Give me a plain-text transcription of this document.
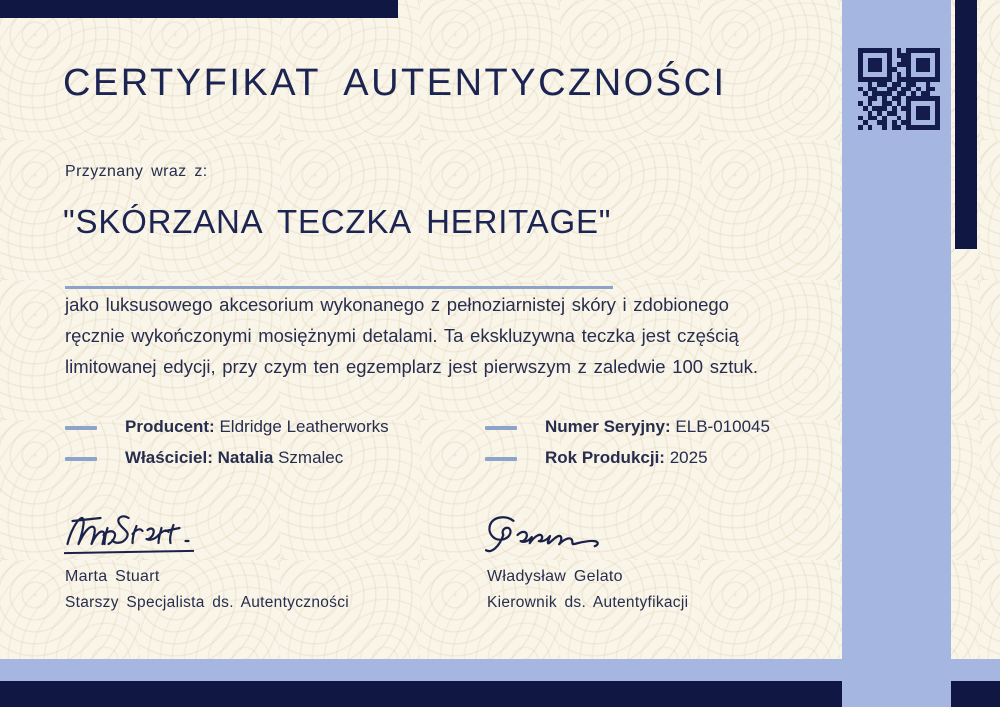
CERTYFIKAT AUTENTYCZNOŚCI
Przyznany wraz z:
"SKÓRZANA TECZKA HERITAGE"

jako luksusowego akcesorium wykonanego z pełnoziarnistej skóry i zdobionego ręcznie wykończonymi mosiężnymi detalami. Ta ekskluzywna teczka jest częścią limitowanej edycji, przy czym ten egzemplarz jest pierwszym z zaledwie 100 sztuk.

Producent: Eldridge Leatherworks
Właściciel: Natalia Szmalec
Numer Seryjny: ELB-010045
Rok Produkcji: 2025
Marta Stuart
Starszy Specjalista ds. Autentyczności
Władysław Gelato
Kierownik ds. Autentyfikacji
